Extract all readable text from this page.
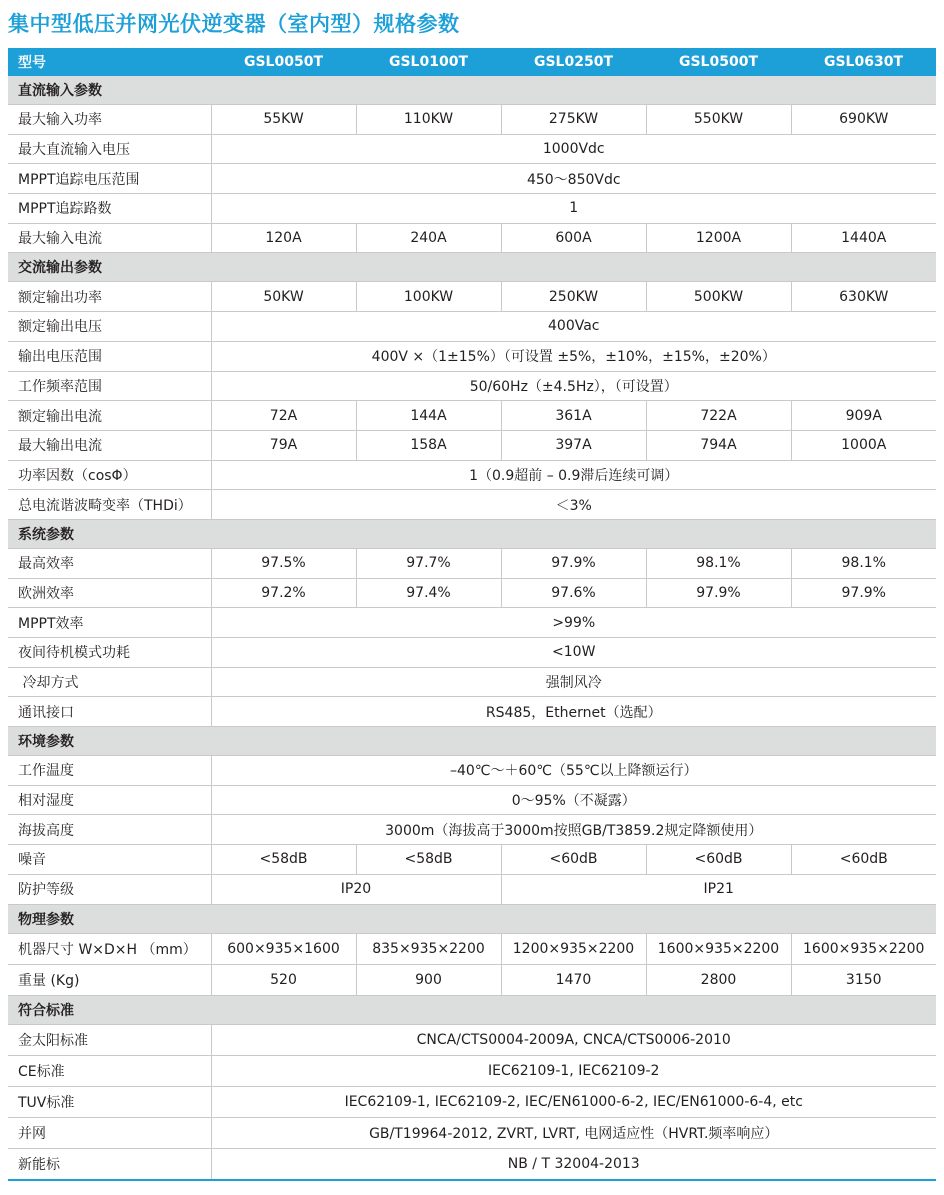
集中型低压并网光伏逆变器（室内型）规格参数
型号	GSL0050T	GSL0100T	GSL0250T	GSL0500T	GSL0630T
直流输入参数					
最大输入功率	55KW	110KW	275KW	550KW	690KW
最大直流输入电压	1000Vdc				
MPPT追踪电压范围	450～850Vdc				
MPPT追踪路数	1				
最大输入电流	120A	240A	600A	1200A	1440A
交流输出参数					
额定输出功率	50KW	100KW	250KW	500KW	630KW
额定输出电压	400Vac				
输出电压范围	400V ×（1±15%）（可设置 ±5%，±10%，±15%，±20%）				
工作频率范围	50/60Hz（±4.5Hz），（可设置）				
额定输出电流	72A	144A	361A	722A	909A
最大输出电流	79A	158A	397A	794A	1000A
功率因数（cosΦ）	1（0.9超前 – 0.9滞后连续可调）				
总电流谐波畸变率（THDi）	＜3%				
系统参数					
最高效率	97.5%	97.7%	97.9%	98.1%	98.1%
欧洲效率	97.2%	97.4%	97.6%	97.9%	97.9%
MPPT效率	>99%				
夜间待机模式功耗	<10W				
冷却方式	强制风冷				
通讯接口	RS485，Ethernet（选配）				
环境参数					
工作温度	–40℃～＋60℃（55℃以上降额运行）				
相对湿度	0～95%（不凝露）				
海拔高度	3000m（海拔高于3000m按照GB/T3859.2规定降额使用）				
噪音	<58dB	<58dB	<60dB	<60dB	<60dB
防护等级	IP20		IP21		
物理参数					
机器尺寸 W×D×H （mm）	600×935×1600	835×935×2200	1200×935×2200	1600×935×2200	1600×935×2200
重量 (Kg)	520	900	1470	2800	3150
符合标准					
金太阳标准	CNCA/CTS0004-2009A, CNCA/CTS0006-2010				
CE标准	IEC62109-1, IEC62109-2				
TUV标准	IEC62109-1, IEC62109-2, IEC/EN61000-6-2, IEC/EN61000-6-4, etc				
并网	GB/T19964-2012, ZVRT, LVRT, 电网适应性（HVRT.频率响应）				
新能标	NB / T 32004-2013				
